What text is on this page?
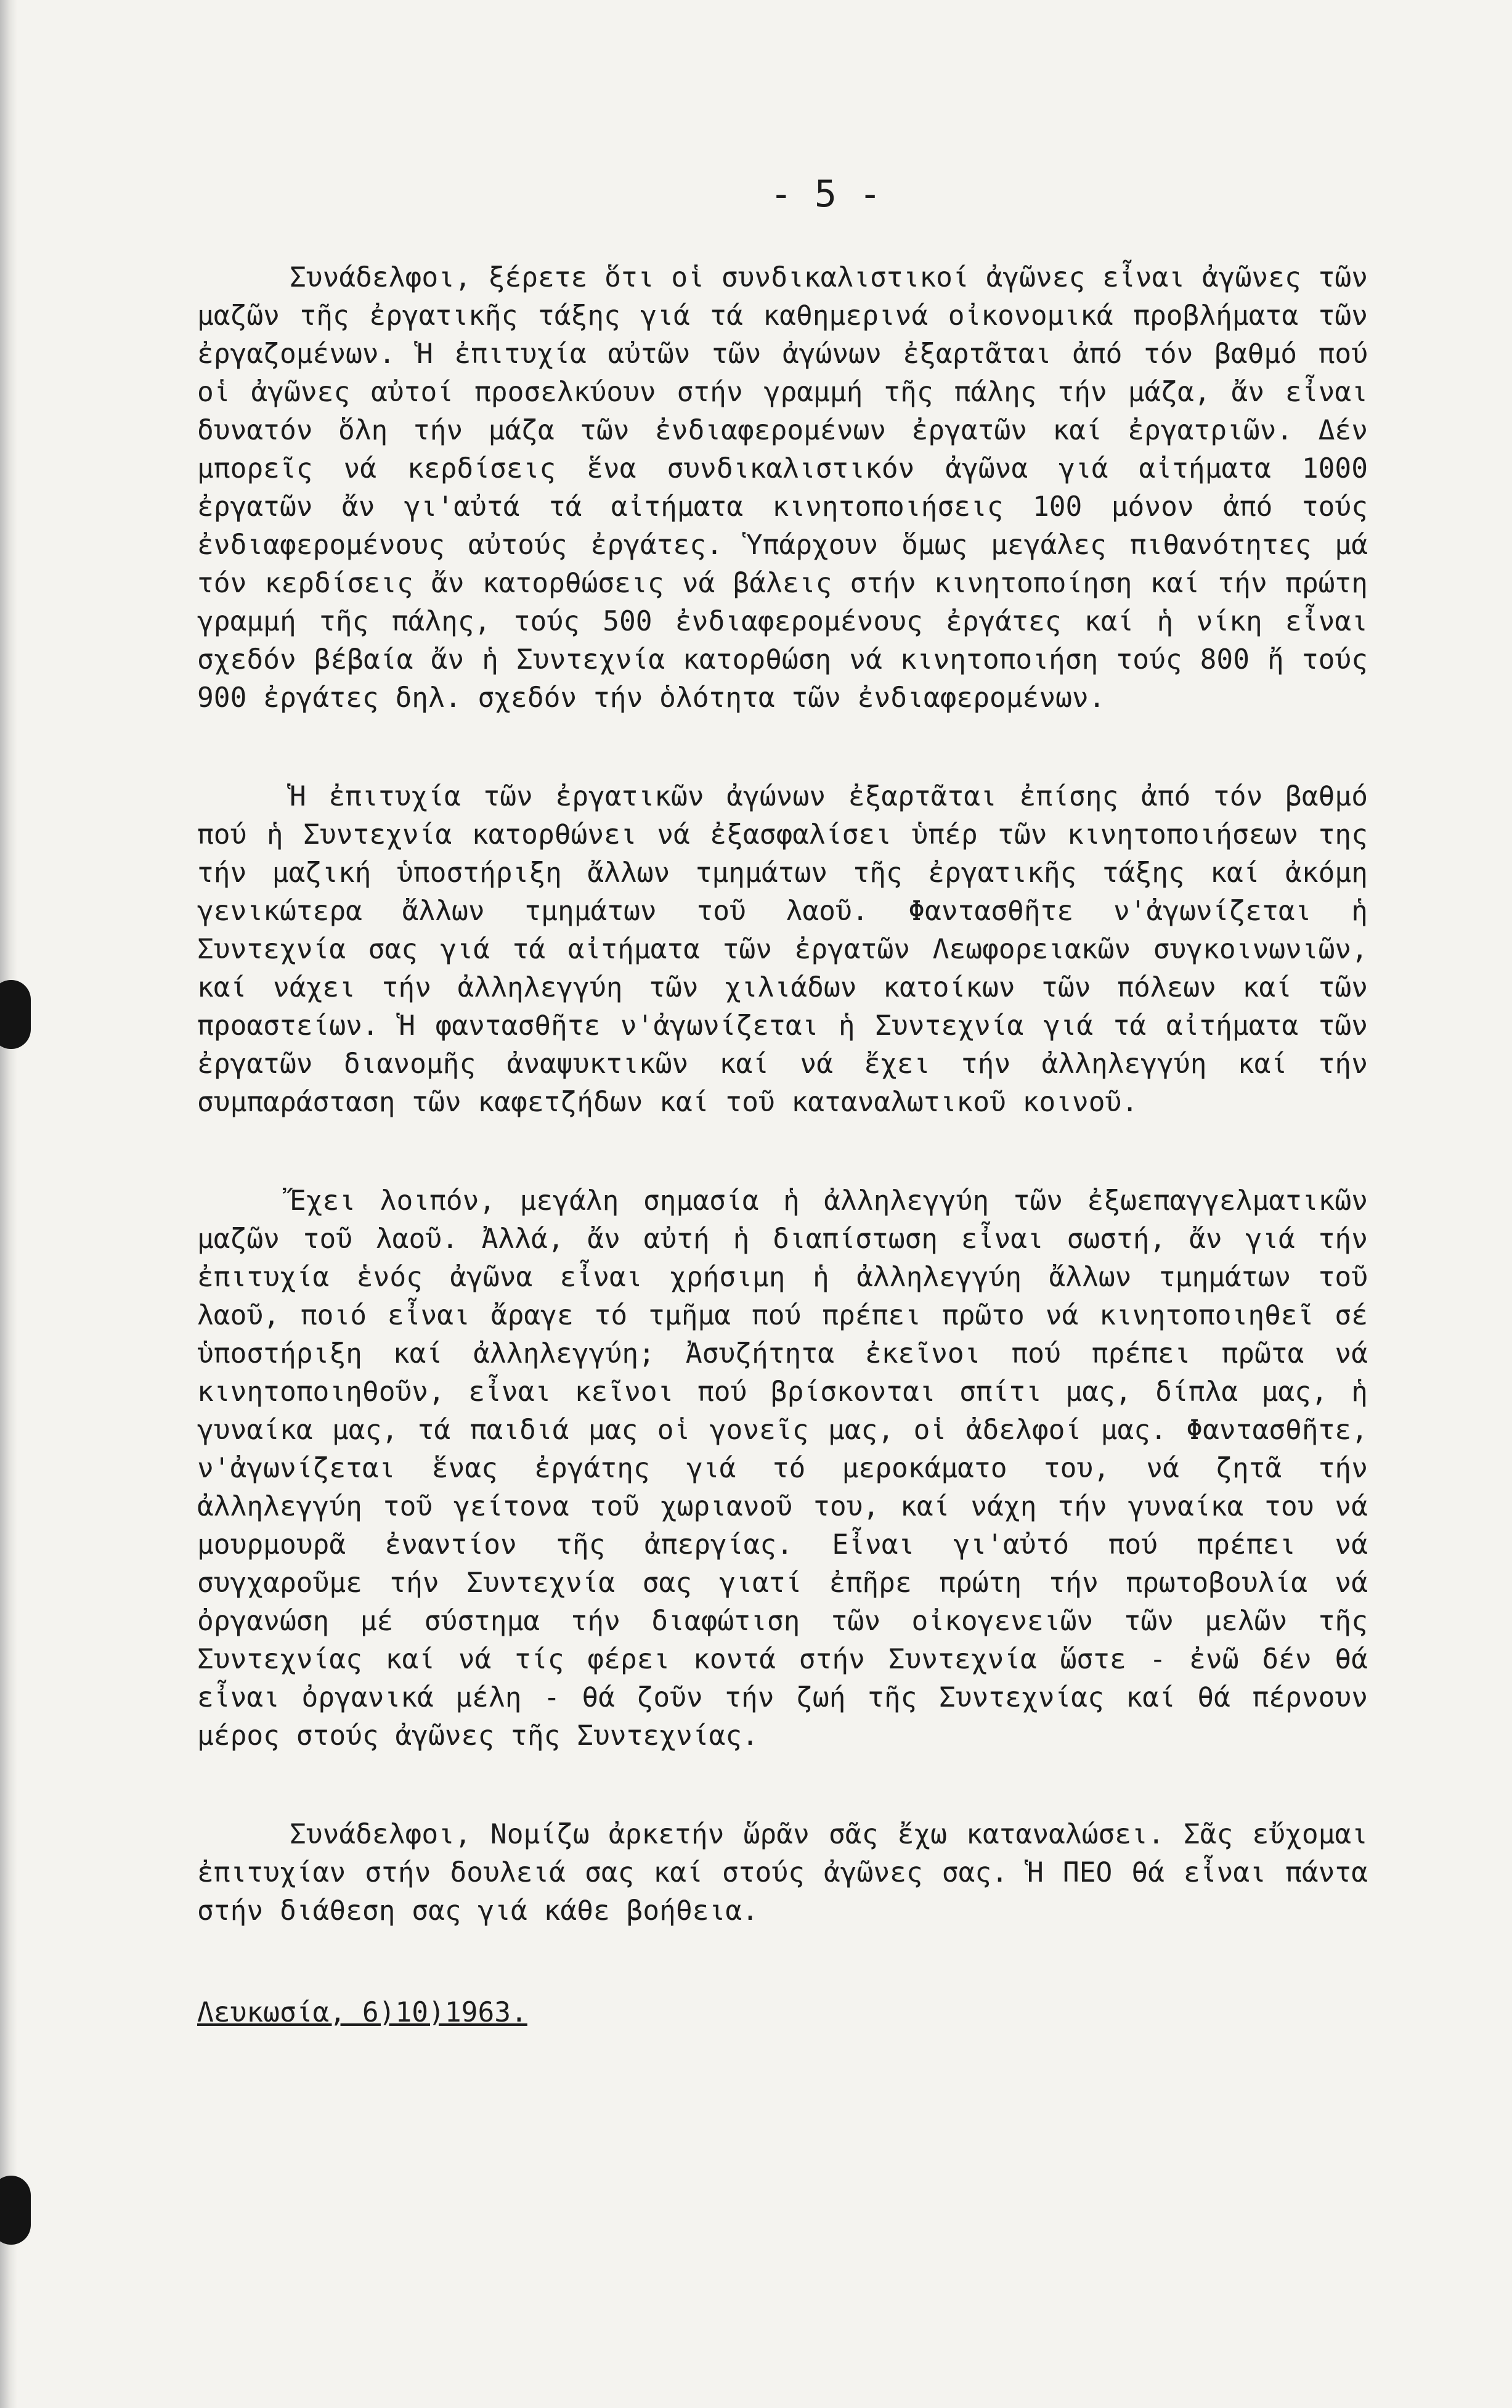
- 5 -

Συνάδελφοι, ξέρετε ὅτι οἱ συνδικαλιστικοί ἀγῶνες εἶναι ἀγῶνες τῶν μαζῶν τῆς ἐργατικῆς τάξης γιά τά καθημερινά οἰκονομικά προβλήματα τῶν ἐργαζομένων. Ἡ ἐπιτυχία αὐτῶν τῶν ἀγώνων ἐξαρτᾶται ἀπό τόν βαθμό πού οἱ ἀγῶνες αὐτοί προσελκύουν στήν γραμμή τῆς πάλης τήν μάζα, ἄν εἶναι δυνατόν ὅλη τήν μάζα τῶν ἐνδιαφερομένων ἐργατῶν καί ἐργατριῶν. Δέν μπορεῖς νά κερδίσεις ἕνα συνδικαλιστικόν ἀγῶνα γιά αἰτήματα 1000 ἐργατῶν ἄν γι'αὐτά τά αἰτήματα κινητοποιήσεις 100 μόνον ἀπό τούς ἐνδιαφερομένους αὐτούς ἐργάτες. Ὑπάρχουν ὅμως μεγάλες πιθανότητες μά τόν κερδίσεις ἄν κατορθώσεις νά βάλεις στήν κινητοποίηση καί τήν πρώτη γραμμή τῆς πάλης, τούς 500 ἐνδιαφερομένους ἐργάτες καί ἡ νίκη εἶναι σχεδόν βέβαία ἄν ἡ Συντεχνία κατορθώση νά κινητοποιήση τούς 800 ἤ τούς 900 ἐργάτες δηλ. σχεδόν τήν ὁλότητα τῶν ἐνδιαφερομένων.

Ἡ ἐπιτυχία τῶν ἐργατικῶν ἀγώνων ἐξαρτᾶται ἐπίσης ἀπό τόν βαθμό πού ἡ Συντεχνία κατορθώνει νά ἐξασφαλίσει ὑπέρ τῶν κινητοποιήσεων της τήν μαζική ὑποστήριξη ἄλλων τμημάτων τῆς ἐργατικῆς τάξης καί ἀκόμη γενικώτερα ἄλλων τμημάτων τοῦ λαοῦ. Φαντασθῆτε ν'ἀγωνίζεται ἡ Συντεχνία σας γιά τά αἰτήματα τῶν ἐργατῶν Λεωφορειακῶν συγκοινωνιῶν, καί νάχει τήν ἀλληλεγγύη τῶν χιλιάδων κατοίκων τῶν πόλεων καί τῶν προαστείων. Ἡ φαντασθῆτε ν'ἀγωνίζεται ἡ Συντεχνία γιά τά αἰτήματα τῶν ἐργατῶν διανομῆς ἀναψυκτικῶν καί νά ἔχει τήν ἀλληλεγγύη καί τήν συμπαράσταση τῶν καφετζήδων καί τοῦ καταναλωτικοῦ κοινοῦ.

Ἔχει λοιπόν, μεγάλη σημασία ἡ ἀλληλεγγύη τῶν ἐξωεπαγγελματικῶν μαζῶν τοῦ λαοῦ. Ἀλλά, ἄν αὐτή ἡ διαπίστωση εἶναι σωστή, ἄν γιά τήν ἐπιτυχία ἑνός ἀγῶνα εἶναι χρήσιμη ἡ ἀλληλεγγύη ἄλλων τμημάτων τοῦ λαοῦ, ποιό εἶναι ἄραγε τό τμῆμα πού πρέπει πρῶτο νά κινητοποιηθεῖ σέ ὑποστήριξη καί ἀλληλεγγύη; Ἀσυζήτητα ἐκεῖνοι πού πρέπει πρῶτα νά κινητοποιηθοῦν, εἶναι κεῖνοι πού βρίσκονται σπίτι μας, δίπλα μας, ἡ γυναίκα μας, τά παιδιά μας οἱ γονεῖς μας, οἱ ἀδελφοί μας. Φαντασθῆτε, ν'ἀγωνίζεται ἕνας ἐργάτης γιά τό μεροκάματο του, νά ζητᾶ τήν ἀλληλεγγύη τοῦ γείτονα τοῦ χωριανοῦ του, καί νάχη τήν γυναίκα του νά μουρμουρᾶ ἐναντίον τῆς ἀπεργίας. Εἶναι γι'αὐτό πού πρέπει νά συγχαροῦμε τήν Συντεχνία σας γιατί ἐπῆρε πρώτη τήν πρωτοβουλία νά ὀργανώση μέ σύστημα τήν διαφώτιση τῶν οἰκογενειῶν τῶν μελῶν τῆς Συντεχνίας καί νά τίς φέρει κοντά στήν Συντεχνία ὥστε - ἐνῶ δέν θά εἶναι ὀργανικά μέλη - θά ζοῦν τήν ζωή τῆς Συντεχνίας καί θά πέρνουν μέρος στούς ἀγῶνες τῆς Συντεχνίας.

Συνάδελφοι, Νομίζω ἀρκετήν ὥρᾶν σᾶς ἔχω καταναλώσει. Σᾶς εὔχομαι ἐπιτυχίαν στήν δουλειά σας καί στούς ἀγῶνες σας. Ἡ ΠΕΟ θά εἶναι πάντα στήν διάθεση σας γιά κάθε βοήθεια.

Λευκωσία, 6)10)1963.
